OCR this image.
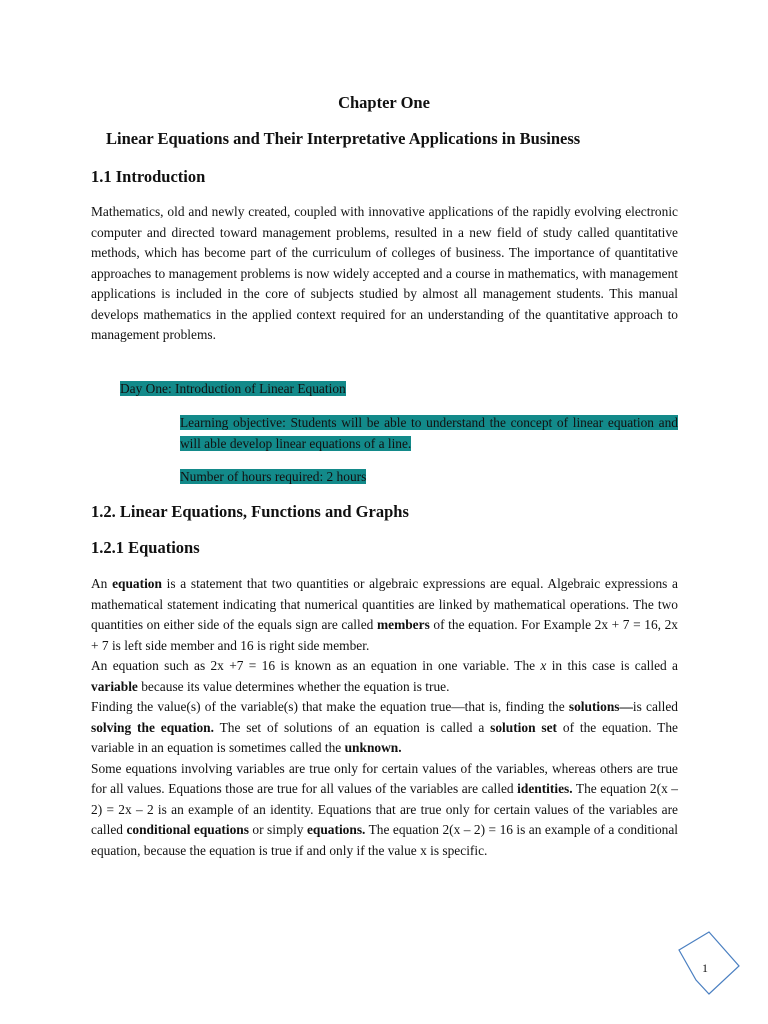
Chapter One
Linear Equations and Their Interpretative Applications in Business
1.1 Introduction
Mathematics, old and newly created, coupled with innovative applications of the rapidly evolving electronic computer and directed toward management problems, resulted in a new field of study called quantitative methods, which has become part of the curriculum of colleges of business. The importance of quantitative approaches to management problems is now widely accepted and a course in mathematics, with management applications is included in the core of subjects studied by almost all management students. This manual develops mathematics in the applied context required for an understanding of the quantitative approach to management problems.
Day One: Introduction of Linear Equation
Learning objective: Students will be able to understand the concept of linear equation and will able develop linear equations of a line.
Number of hours required: 2 hours
1.2. Linear Equations, Functions and Graphs
1.2.1 Equations
An equation is a statement that two quantities or algebraic expressions are equal. Algebraic expressions a mathematical statement indicating that numerical quantities are linked by mathematical operations. The two quantities on either side of the equals sign are called members of the equation. For Example 2x + 7 = 16, 2x + 7 is left side member and 16 is right side member.
An equation such as 2x +7 = 16 is known as an equation in one variable. The x in this case is called a variable because its value determines whether the equation is true.
Finding the value(s) of the variable(s) that make the equation true—that is, finding the solutions—is called solving the equation. The set of solutions of an equation is called a solution set of the equation. The variable in an equation is sometimes called the unknown.
Some equations involving variables are true only for certain values of the variables, whereas others are true for all values. Equations those are true for all values of the variables are called identities. The equation 2(x – 2) = 2x – 2 is an example of an identity. Equations that are true only for certain values of the variables are called conditional equations or simply equations. The equation 2(x – 2) = 16 is an example of a conditional equation, because the equation is true if and only if the value x is specific.
1
